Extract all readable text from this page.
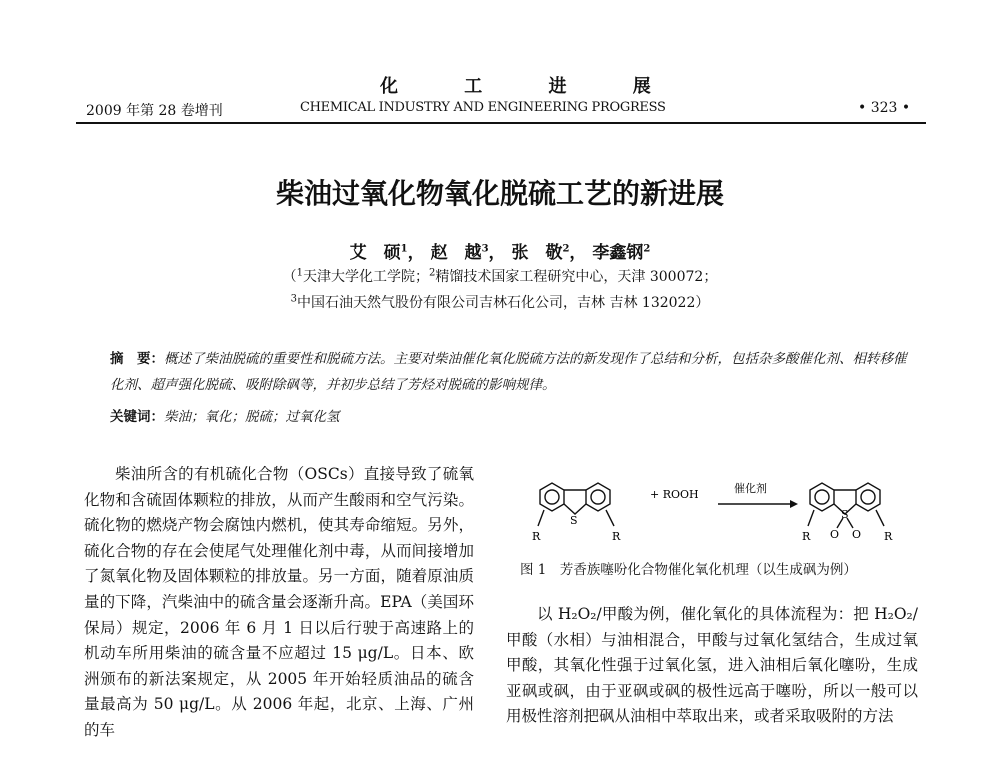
2009 年第 28 卷增刊
化 工 进 展
CHEMICAL INDUSTRY AND ENGINEERING PROGRESS	• 323 •
柴油过氧化物氧化脱硫工艺的新进展
艾　硕$^1$， 赵　越$^3$， 张　敬$^2$， 李鑫钢$^2$
（$^1$天津大学化工学院；$^2$精馏技术国家工程研究中心，天津 300072；
$^3$中国石油天然气股份有限公司吉林石化公司，吉林 吉林 132022）
摘　要：概述了柴油脱硫的重要性和脱硫方法。主要对柴油催化氧化脱硫方法的新发现作了总结和分析，包括杂多酸催化剂、相转移催化剂、超声强化脱硫、吸附除砜等，并初步总结了芳烃对脱硫的影响规律。
关键词：柴油；氧化；脱硫；过氧化氢

柴油所含的有机硫化合物（OSCs）直接导致了硫氧化物和含硫固体颗粒的排放，从而产生酸雨和空气污染。硫化物的燃烧产物会腐蚀内燃机，使其寿命缩短。另外，硫化合物的存在会使尾气处理催化剂中毒，从而间接增加了氮氧化物及固体颗粒的排放量。另一方面，随着原油质量的下降，汽柴油中的硫含量会逐渐升高。EPA（美国环保局）规定，2006 年 6 月 1 日以后行驶于高速路上的机动车所用柴油的硫含量不应超过 15 μg/L。日本、欧洲颁布的新法案规定，从 2005 年开始轻质油品的硫含量最高为 50 μg/L。从 2006 年起，北京、上海、广州的车

S
R	R
+ ROOH	催化剂
S
O O
R	R
图 1　芳香族噻吩化合物催化氧化机理（以生成砜为例）

以 H₂O₂/甲酸为例，催化氧化的具体流程为：把 H₂O₂/甲酸（水相）与油相混合，甲酸与过氧化氢结合，生成过氧甲酸，其氧化性强于过氧化氢，进入油相后氧化噻吩，生成亚砜或砜，由于亚砜或砜的极性远高于噻吩，所以一般可以用极性溶剂把砜从油相中萃取出来，或者采取吸附的方法
